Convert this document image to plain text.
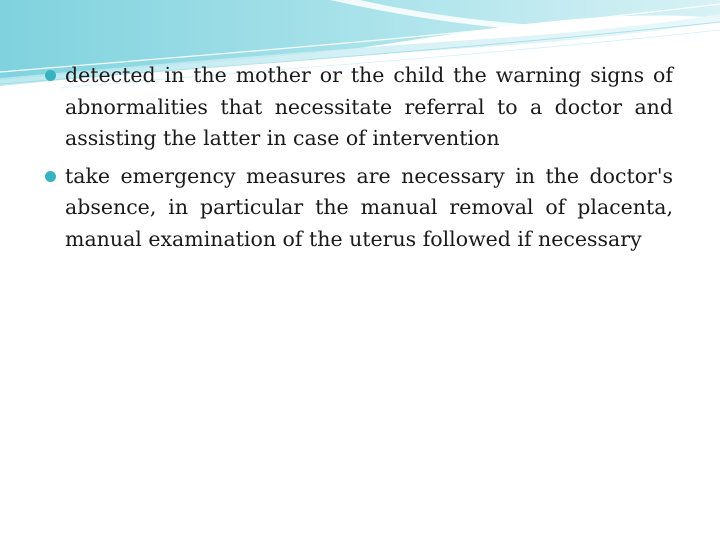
detected in the mother or the child the warning signs of abnormalities that necessitate referral to a doctor and assisting the latter in case of intervention
take emergency measures are necessary in the doctor's absence, in particular the manual removal of placenta, manual examination of the uterus followed if necessary
